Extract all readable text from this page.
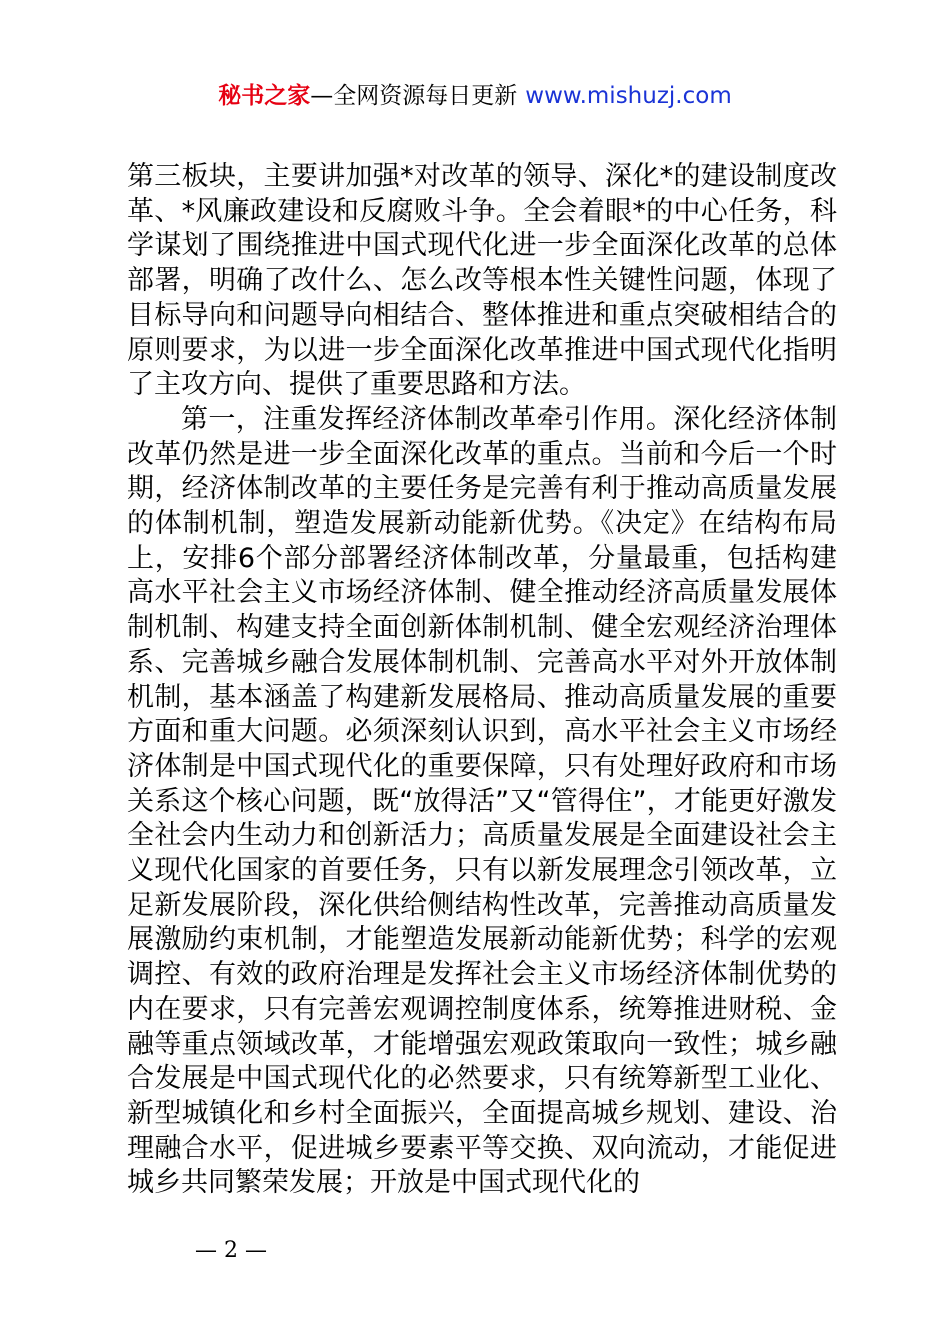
秘书之家—全网资源每日更新 www.mishuzj.com

第三板块，主要讲加强*对改革的领导、深化*的建设制度改革、*风廉政建设和反腐败斗争。全会着眼*的中心任务，科学谋划了围绕推进中国式现代化进一步全面深化改革的总体部署，明确了改什么、怎么改等根本性关键性问题，体现了目标导向和问题导向相结合、整体推进和重点突破相结合的原则要求，为以进一步全面深化改革推进中国式现代化指明了主攻方向、提供了重要思路和方法。

第一，注重发挥经济体制改革牵引作用。深化经济体制改革仍然是进一步全面深化改革的重点。当前和今后一个时期，经济体制改革的主要任务是完善有利于推动高质量发展的体制机制，塑造发展新动能新优势。《决定》在结构布局上，安排6个部分部署经济体制改革，分量最重，包括构建高水平社会主义市场经济体制、健全推动经济高质量发展体制机制、构建支持全面创新体制机制、健全宏观经济治理体系、完善城乡融合发展体制机制、完善高水平对外开放体制机制，基本涵盖了构建新发展格局、推动高质量发展的重要方面和重大问题。必须深刻认识到，高水平社会主义市场经济体制是中国式现代化的重要保障，只有处理好政府和市场关系这个核心问题，既“放得活”又“管得住”，才能更好激发全社会内生动力和创新活力；高质量发展是全面建设社会主义现代化国家的首要任务，只有以新发展理念引领改革，立足新发展阶段，深化供给侧结构性改革，完善推动高质量发展激励约束机制，才能塑造发展新动能新优势；科学的宏观调控、有效的政府治理是发挥社会主义市场经济体制优势的内在要求，只有完善宏观调控制度体系，统筹推进财税、金融等重点领域改革，才能增强宏观政策取向一致性；城乡融合发展是中国式现代化的必然要求，只有统筹新型工业化、新型城镇化和乡村全面振兴，全面提高城乡规划、建设、治理融合水平，促进城乡要素平等交换、双向流动，才能促进城乡共同繁荣发展；开放是中国式现代化的

— 2 —
